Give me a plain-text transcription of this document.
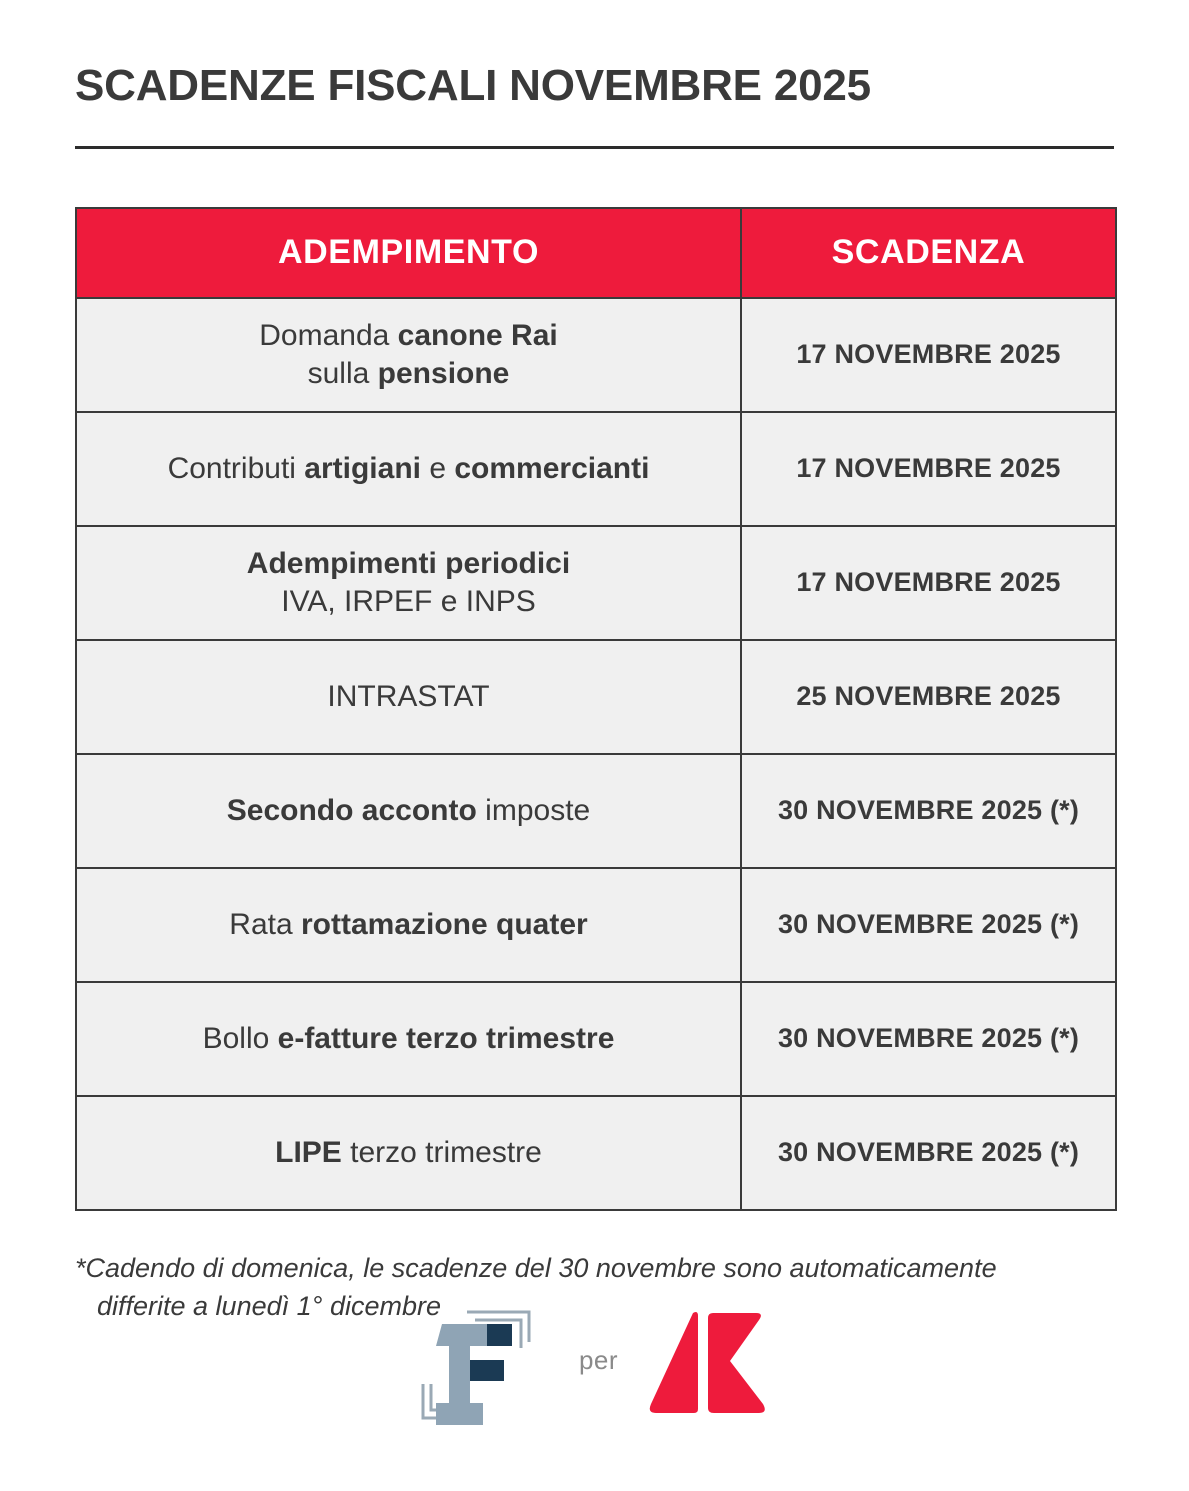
SCADENZE FISCALI NOVEMBRE 2025
ADEMPIMENTO	SCADENZA
Domanda canone Rai
sulla pensione	17 NOVEMBRE 2025
Contributi artigiani e commercianti	17 NOVEMBRE 2025
Adempimenti periodici
IVA, IRPEF e INPS	17 NOVEMBRE 2025
INTRASTAT	25 NOVEMBRE 2025
Secondo acconto imposte	30 NOVEMBRE 2025 (*)
Rata rottamazione quater	30 NOVEMBRE 2025 (*)
Bollo e-fatture terzo trimestre	30 NOVEMBRE 2025 (*)
LIPE terzo trimestre	30 NOVEMBRE 2025 (*)
*Cadendo di domenica, le scadenze del 30 novembre sono automaticamente
differite a lunedì 1° dicembre
per
